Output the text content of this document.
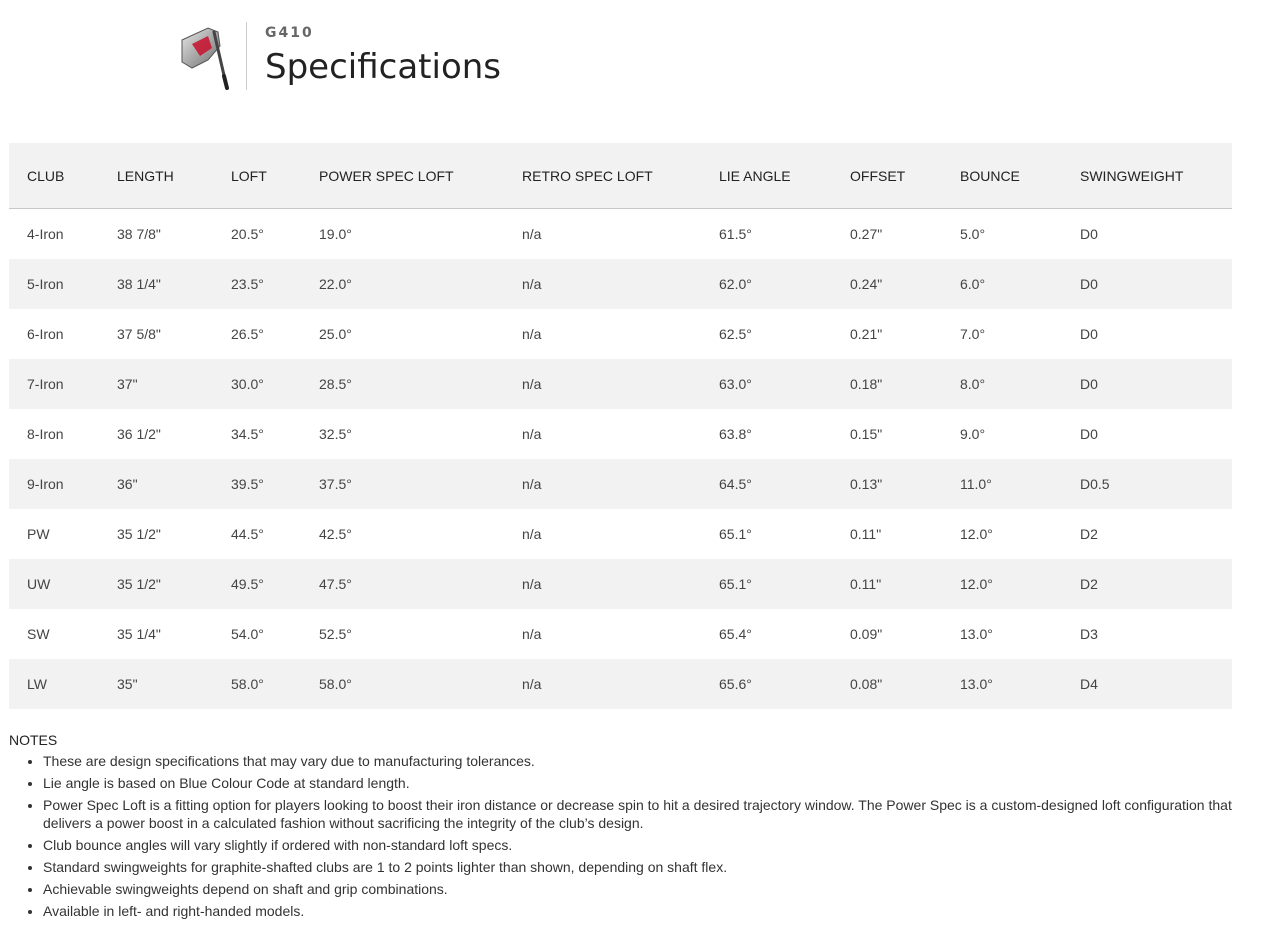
G410
Specifications
CLUB	LENGTH	LOFT	POWER SPEC LOFT	RETRO SPEC LOFT	LIE ANGLE	OFFSET	BOUNCE	SWINGWEIGHT
4-Iron	38 7/8"	20.5°	19.0°	n/a	61.5°	0.27"	5.0°	D0
5-Iron	38 1/4"	23.5°	22.0°	n/a	62.0°	0.24"	6.0°	D0
6-Iron	37 5/8"	26.5°	25.0°	n/a	62.5°	0.21"	7.0°	D0
7-Iron	37"	30.0°	28.5°	n/a	63.0°	0.18"	8.0°	D0
8-Iron	36 1/2"	34.5°	32.5°	n/a	63.8°	0.15"	9.0°	D0
9-Iron	36"	39.5°	37.5°	n/a	64.5°	0.13"	11.0°	D0.5
PW	35 1/2"	44.5°	42.5°	n/a	65.1°	0.11"	12.0°	D2
UW	35 1/2"	49.5°	47.5°	n/a	65.1°	0.11"	12.0°	D2
SW	35 1/4"	54.0°	52.5°	n/a	65.4°	0.09"	13.0°	D3
LW	35"	58.0°	58.0°	n/a	65.6°	0.08"	13.0°	D4
NOTES
• These are design specifications that may vary due to manufacturing tolerances.
• Lie angle is based on Blue Colour Code at standard length.
• Power Spec Loft is a fitting option for players looking to boost their iron distance or decrease spin to hit a desired trajectory window. The Power Spec is a custom-designed loft configuration that delivers a power boost in a calculated fashion without sacrificing the integrity of the club’s design.
• Club bounce angles will vary slightly if ordered with non-standard loft specs.
• Standard swingweights for graphite-shafted clubs are 1 to 2 points lighter than shown, depending on shaft flex.
• Achievable swingweights depend on shaft and grip combinations.
• Available in left- and right-handed models.
